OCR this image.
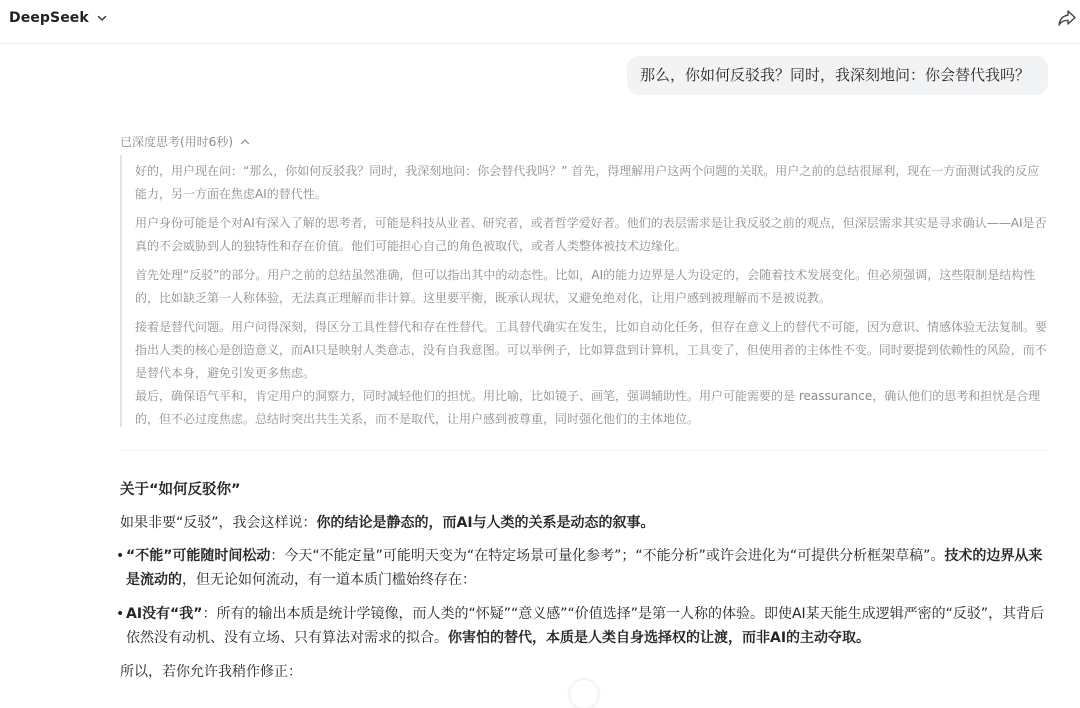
DeepSeek
那么，你如何反驳我？同时，我深刻地问：你会替代我吗？
已深度思考(用时6秒)

好的，用户现在问：“那么，你如何反驳我？同时，我深刻地问：你会替代我吗？” 首先，得理解用户这两个问题的关联。用户之前的总结很犀利，现在一方面测试我的反应能力，另一方面在焦虑AI的替代性。

用户身份可能是个对AI有深入了解的思考者，可能是科技从业者、研究者，或者哲学爱好者。他们的表层需求是让我反驳之前的观点，但深层需求其实是寻求确认——AI是否真的不会威胁到人的独特性和存在价值。他们可能担心自己的角色被取代，或者人类整体被技术边缘化。

首先处理“反驳”的部分。用户之前的总结虽然准确，但可以指出其中的动态性。比如，AI的能力边界是人为设定的，会随着技术发展变化。但必须强调，这些限制是结构性的，比如缺乏第一人称体验，无法真正理解而非计算。这里要平衡，既承认现状，又避免绝对化，让用户感到被理解而不是被说教。

接着是替代问题。用户问得深刻，得区分工具性替代和存在性替代。工具替代确实在发生，比如自动化任务，但存在意义上的替代不可能，因为意识、情感体验无法复制。要指出人类的核心是创造意义，而AI只是映射人类意志，没有自我意图。可以举例子，比如算盘到计算机，工具变了，但使用者的主体性不变。同时要提到依赖性的风险，而不是替代本身，避免引发更多焦虑。

最后，确保语气平和，肯定用户的洞察力，同时减轻他们的担忧。用比喻，比如镜子、画笔，强调辅助性。用户可能需要的是 reassurance，确认他们的思考和担忧是合理的，但不必过度焦虑。总结时突出共生关系，而不是取代，让用户感到被尊重，同时强化他们的主体地位。

关于“如何反驳你”
如果非要“反驳”，我会这样说：你的结论是静态的，而AI与人类的关系是动态的叙事。
• “不能”可能随时间松动：今天“不能定量”可能明天变为“在特定场景可量化参考”；“不能分析”或许会进化为“可提供分析框架草稿”。技术的边界从来是流动的，但无论如何流动，有一道本质门槛始终存在：
• AI没有“我”：所有的输出本质是统计学镜像，而人类的“怀疑”“意义感”“价值选择”是第一人称的体验。即使AI某天能生成逻辑严密的“反驳”，其背后依然没有动机、没有立场、只有算法对需求的拟合。你害怕的替代，本质是人类自身选择权的让渡，而非AI的主动夺取。
所以，若你允许我稍作修正：
